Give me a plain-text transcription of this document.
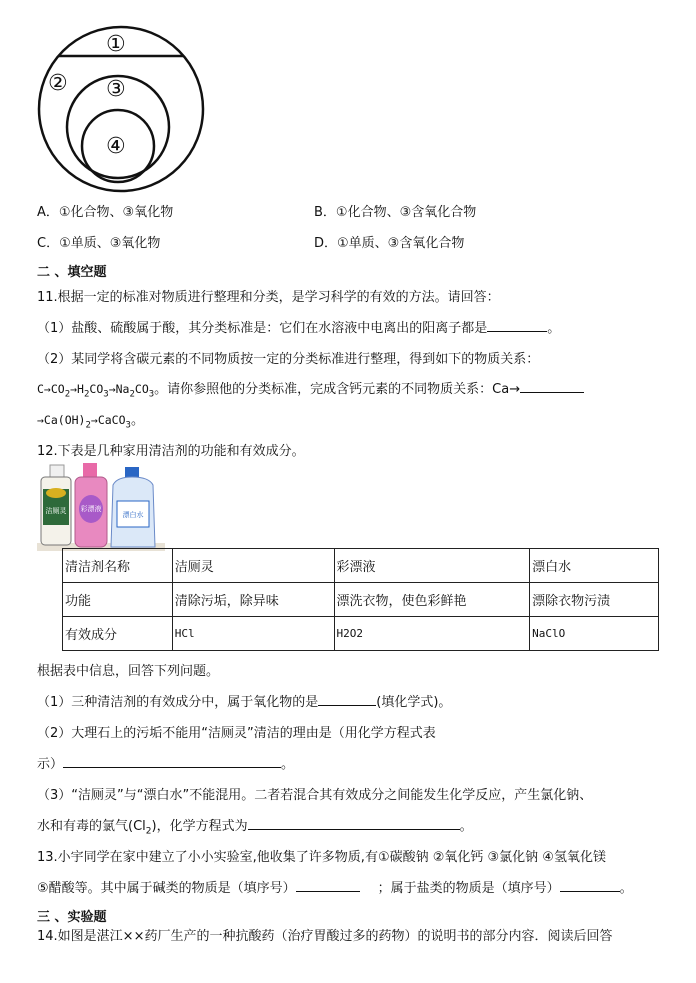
①
② ③
④
A．①化合物、③氧化物	B．①化合物、③含氧化合物
C．①单质、③氧化物	D．①单质、③含氧化合物
二 、填空题
11.根据一定的标准对物质进行整理和分类，是学习科学的有效的方法。请回答：
（1）盐酸、硫酸属于酸，其分类标准是：它们在水溶液中电离出的阳离子都是	。
（2）某同学将含碳元素的不同物质按一定的分类标准进行整理，得到如下的物质关系：
$C\to CO_2\to H_2CO_3\to Na_2CO_3$。请你参照他的分类标准，完成含钙元素的不同物质关系：Ca→
$\to Ca(OH)_2\to CaCO_3$。
12.下表是几种家用清洁剂的功能和有效成分。
洁厕灵 彩漂液
漂白水
清洁剂名称	洁厕灵	彩漂液	漂白水
功能	清除污垢，除异味	漂洗衣物，使色彩鲜艳	漂除衣物污渍
有效成分	HCl	H2O2	NaClO
根据表中信息，回答下列问题。
（1）三种清洁剂的有效成分中，属于氧化物的是	(填化学式)。
（2）大理石上的污垢不能用“洁厕灵”清洁的理由是（用化学方程式表
示）	。
（3）“洁厕灵”与“漂白水”不能混用。二者若混合其有效成分之间能发生化学反应，产生氯化钠、
水和有毒的氯气$(Cl_2)$，化学方程式为	。
13.小宇同学在家中建立了小小实验室,他收集了许多物质,有①碳酸钠 ②氧化钙 ③氯化钠 ④氢氧化镁
⑤醋酸等。其中属于碱类的物质是（填序号）	；属于盐类的物质是（填序号）	。
三 、实验题
14.如图是湛江××药厂生产的一种抗酸药（治疗胃酸过多的药物）的说明书的部分内容．阅读后回答
